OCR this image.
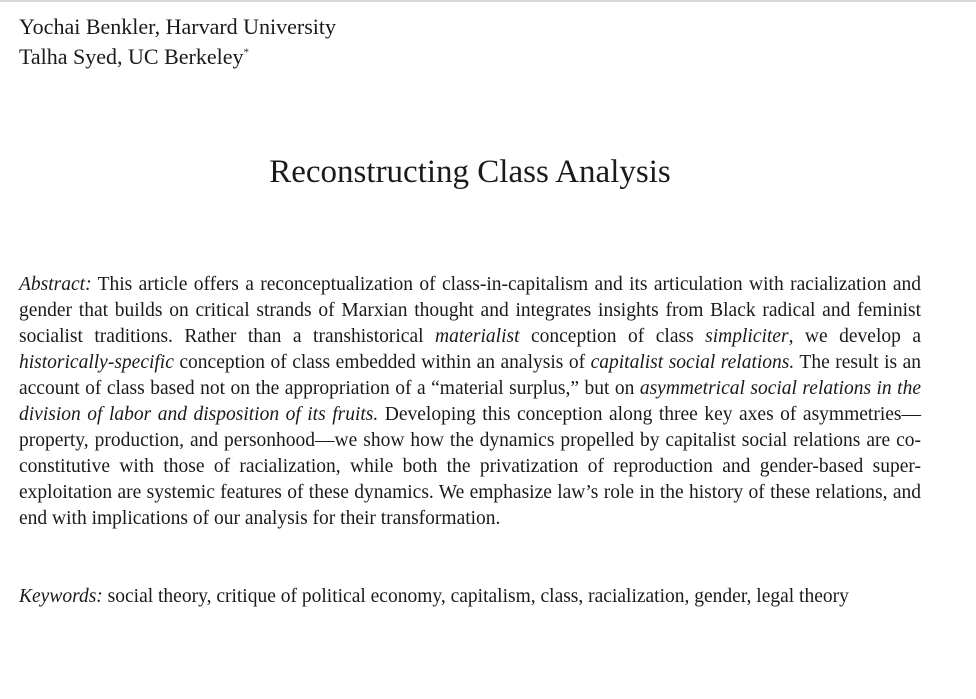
Yochai Benkler, Harvard University
Talha Syed, UC Berkeley*
Reconstructing Class Analysis

Abstract: This article offers a reconceptualization of class-in-capitalism and its articulation with racialization and gender that builds on critical strands of Marxian thought and integrates insights from Black radical and feminist socialist traditions. Rather than a transhistorical materialist conception of class simpliciter, we develop a historically-specific conception of class embedded within an analysis of capitalist social relations. The result is an account of class based not on the appropriation of a “material surplus,” but on asymmetrical social relations in the division of labor and disposition of its fruits. Developing this conception along three key axes of asymmetries—property, production, and personhood—we show how the dynamics propelled by capitalist social relations are co-constitutive with those of racialization, while both the privatization of reproduction and gender-based super-exploitation are systemic features of these dynamics. We emphasize law’s role in the history of these relations, and end with implications of our analysis for their transformation.

Keywords: social theory, critique of political economy, capitalism, class, racialization, gender, legal theory
